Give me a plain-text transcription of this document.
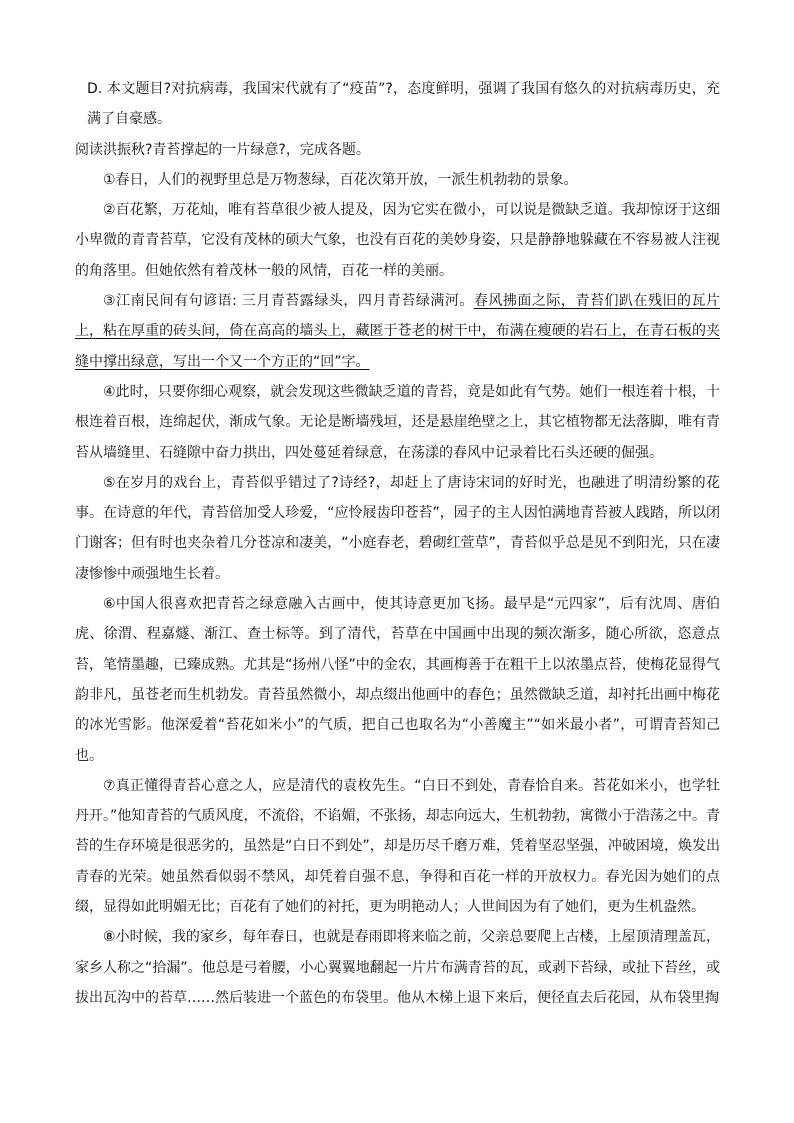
D. 本文题目?对抗病毒，我国宋代就有了“疫苗”?，态度鲜明，强调了我国有悠久的对抗病毒历史，充满了自豪感。

阅读洪振秋?青苔撑起的一片绿意?，完成各题。

①春日，人们的视野里总是万物葱绿，百花次第开放，一派生机勃勃的景象。

②百花繁，万花灿，唯有苔草很少被人提及，因为它实在微小，可以说是微缺乏道。我却惊讶于这细小卑微的青青苔草，它没有茂林的硕大气象，也没有百花的美妙身姿，只是静静地躲藏在不容易被人注视的角落里。但她依然有着茂林一般的风情，百花一样的美丽。

③江南民间有句谚语: 三月青苔露绿头，四月青苔绿满河。春风拂面之际，青苔们趴在残旧的瓦片上，粘在厚重的砖头间，倚在高高的墙头上，藏匿于苍老的树干中，布满在瘦硬的岩石上，在青石板的夹缝中撑出绿意，写出一个又一个方正的“回”字。

④此时，只要你细心观察，就会发现这些微缺乏道的青苔，竟是如此有气势。她们一根连着十根，十根连着百根，连绵起伏，渐成气象。无论是断墙残垣，还是悬崖绝壁之上，其它植物都无法落脚，唯有青苔从墙缝里、石缝隙中奋力拱出，四处蔓延着绿意，在荡漾的春风中记录着比石头还硬的倔强。

⑤在岁月的戏台上，青苔似乎错过了?诗经?，却赶上了唐诗宋词的好时光，也融进了明清纷繁的花事。在诗意的年代，青苔倍加受人珍爱，“应怜屐齿印苍苔”，园子的主人因怕满地青苔被人践踏，所以闭门谢客；但有时也夹杂着几分苍凉和凄美，“小庭春老，碧砌红萱草”，青苔似乎总是见不到阳光，只在凄凄惨惨中顽强地生长着。

⑥中国人很喜欢把青苔之绿意融入古画中，使其诗意更加飞扬。最早是“元四家”，后有沈周、唐伯虎、徐渭、程嘉燧、渐江、查士标等。到了清代，苔草在中国画中出现的频次渐多，随心所欲，恣意点苔，笔情墨趣，已臻成熟。尤其是“扬州八怪”中的金农，其画梅善于在粗干上以浓墨点苔，使梅花显得气韵非凡，虽苍老而生机勃发。青苔虽然微小，却点缀出他画中的春色；虽然微缺乏道，却衬托出画中梅花的冰光雪影。他深爱着“苔花如米小”的气质，把自己也取名为“小善魔主”“如米最小者”，可谓青苔知己也。

⑦真正懂得青苔心意之人，应是清代的袁枚先生。“白日不到处，青春恰自来。苔花如米小，也学牡丹开。”他知青苔的气质风度，不流俗，不谄媚，不张扬，却志向远大，生机勃勃，寓微小于浩荡之中。青苔的生存环境是很恶劣的，虽然是“白日不到处”，却是历尽千磨万难，凭着坚忍坚强，冲破困境，焕发出青春的光荣。她虽然看似弱不禁风，却凭着自强不息，争得和百花一样的开放权力。春光因为她们的点缀，显得如此明媚无比；百花有了她们的衬托，更为明艳动人；人世间因为有了她们，更为生机盎然。

⑧小时候，我的家乡，每年春日，也就是春雨即将来临之前，父亲总要爬上古楼，上屋顶清理盖瓦，家乡人称之“拾漏”。他总是弓着腰，小心翼翼地翻起一片片布满青苔的瓦，或剥下苔绿，或扯下苔丝，或拔出瓦沟中的苔草……然后装进一个蓝色的布袋里。他从木梯上退下来后，便径直去后花园，从布袋里掏
